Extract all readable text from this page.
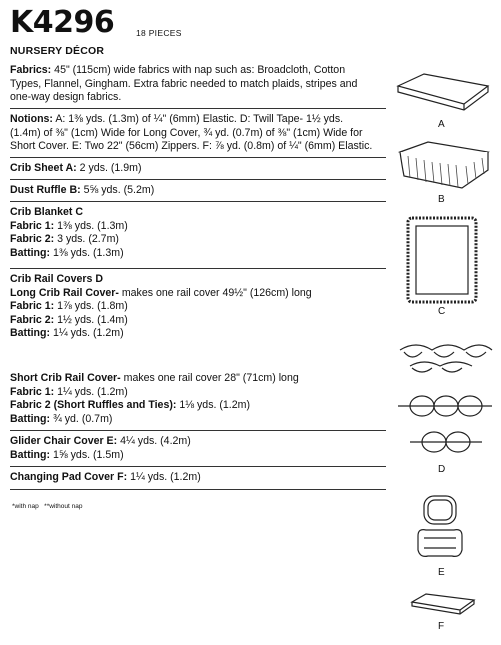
K4296	18 PIECES
NURSERY DÉCOR

Fabrics: 45" (115cm) wide fabrics with nap such as: Broadcloth, Cotton

Types, Flannel, Gingham. Extra fabric needed to match plaids, stripes and

one-way design fabrics.

Notions: A: 1⅜ yds. (1.3m) of ¼" (6mm) Elastic. D: Twill Tape- 1½ yds.

(1.4m) of ⅜" (1cm) Wide for Long Cover, ¾ yd. (0.7m) of ⅜" (1cm) Wide for

Short Cover. E: Two 22" (56cm) Zippers. F: ⅞ yd. (0.8m) of ¼" (6mm) Elastic.

Crib Sheet A: 2 yds. (1.9m)

Dust Ruffle B: 5⅝ yds. (5.2m)

Crib Blanket C

Fabric 1: 1⅜ yds. (1.3m)

Fabric 2: 3 yds. (2.7m)

Batting: 1⅜ yds. (1.3m)

Crib Rail Covers D

Long Crib Rail Cover- makes one rail cover 49½" (126cm) long

Fabric 1: 1⅞ yds. (1.8m)

Fabric 2: 1½ yds. (1.4m)

Batting: 1¼ yds. (1.2m)

Short Crib Rail Cover- makes one rail cover 28" (71cm) long

Fabric 1: 1¼ yds. (1.2m)

Fabric 2 (Short Ruffles and Ties): 1⅛ yds. (1.2m)

Batting: ¾ yd. (0.7m)

Glider Chair Cover E: 4¼ yds. (4.2m)

Batting: 1⅝ yds. (1.5m)

Changing Pad Cover F: 1¼ yds. (1.2m)

*with nap **without nap
A
B
C
D
E
F
